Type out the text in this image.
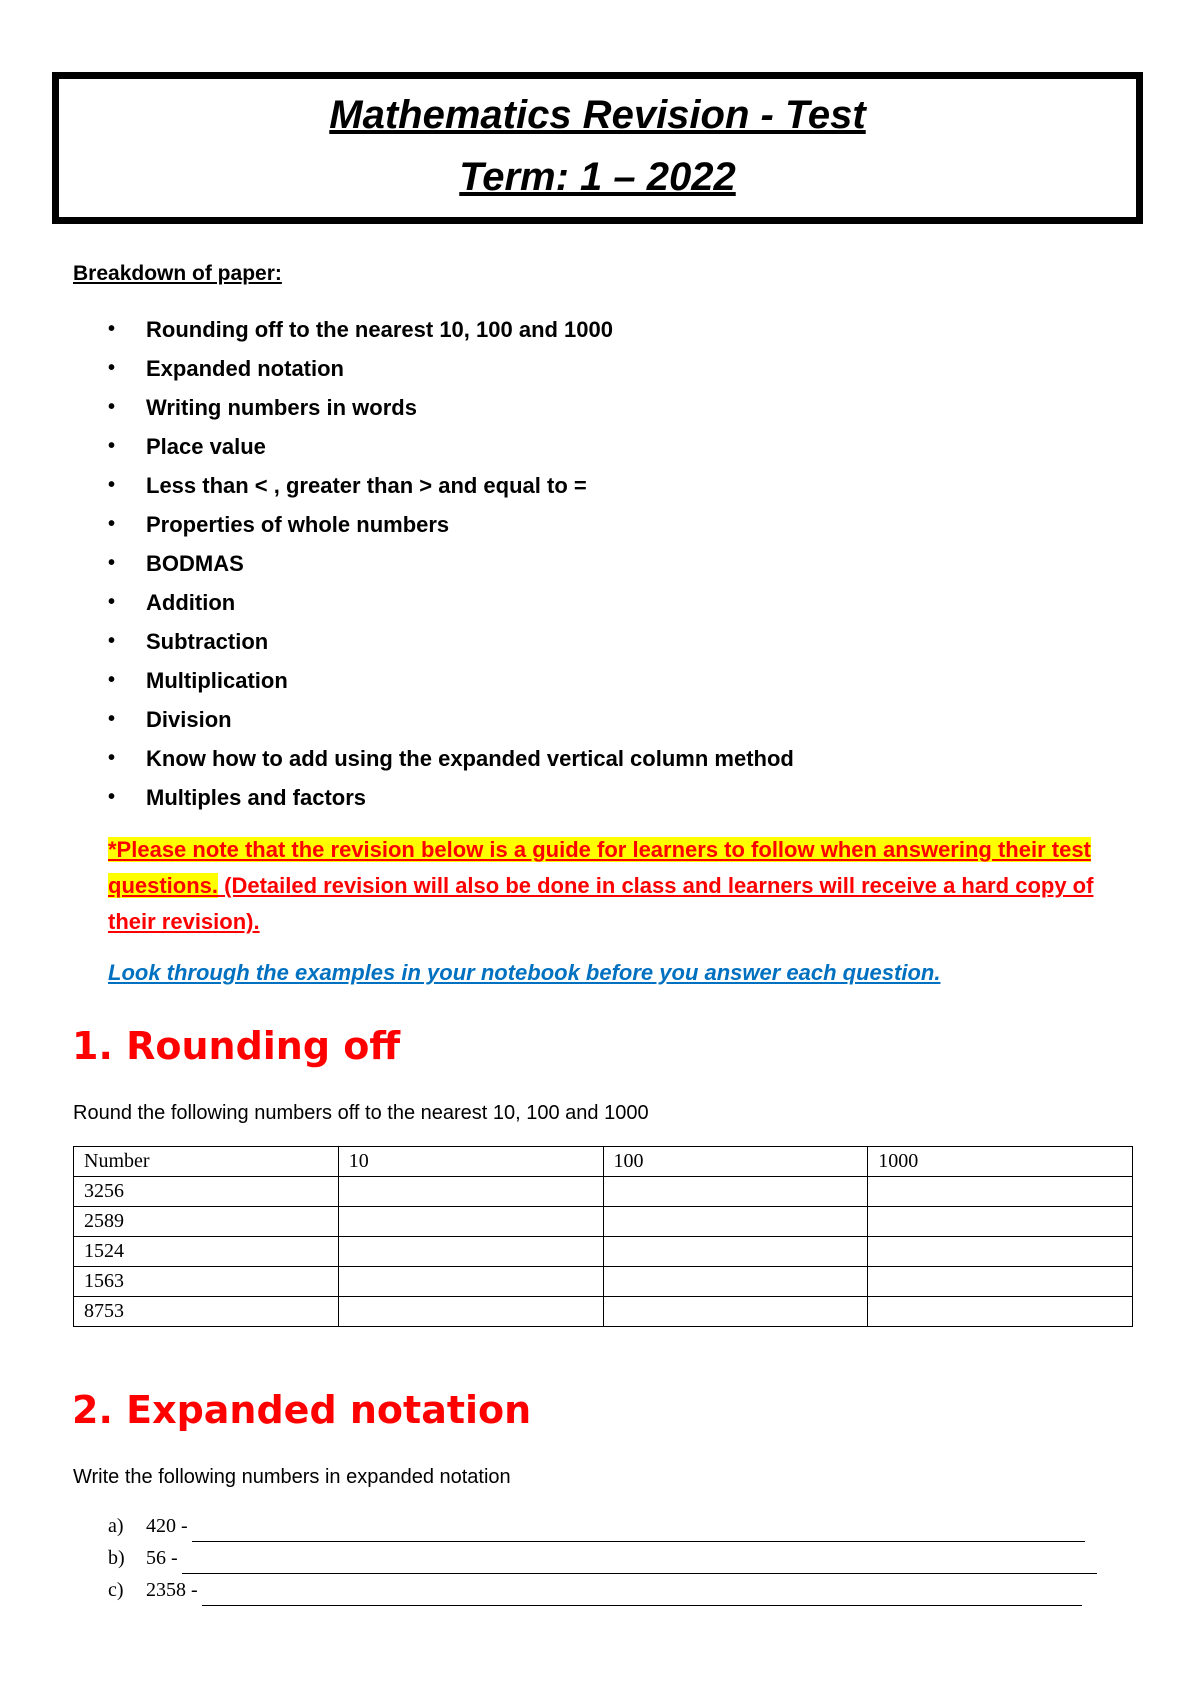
Mathematics Revision - Test
Term: 1 – 2022
Breakdown of paper:
• Rounding off to the nearest 10, 100 and 1000
• Expanded notation
• Writing numbers in words
• Place value
• Less than < , greater than > and equal to =
• Properties of whole numbers
• BODMAS
• Addition
• Subtraction
• Multiplication
• Division
• Know how to add using the expanded vertical column method
• Multiples and factors
*Please note that the revision below is a guide for learners to follow when answering their test questions. (Detailed revision will also be done in class and learners will receive a hard copy of their revision).
Look through the examples in your notebook before you answer each question.
1. Rounding off
Round the following numbers off to the nearest 10, 100 and 1000
Number	10	100	1000
3256			
2589			
1524			
1563			
8753			
2. Expanded notation
Write the following numbers in expanded notation
a)	420 -
b)	56 -
c)	2358 -
